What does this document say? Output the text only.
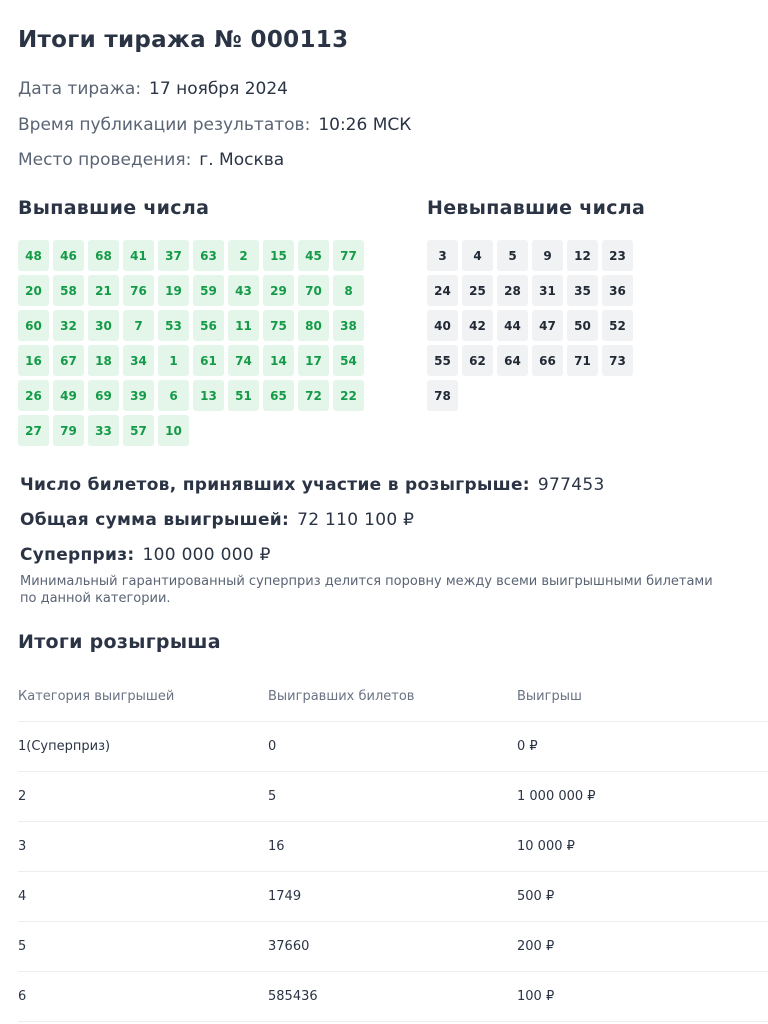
Итоги тиража № 000113
Дата тиража: 17 ноября 2024
Время публикации результатов: 10:26 МСК
Место проведения: г. Москва
Выпавшие числа	Невыпавшие числа
48	46	68	41	37	63	2	15	45	77
20	58	21	76	19	59	43	29	70	8
60	32	30	7	53	56	11	75	80	38
16	67	18	34	1	61	74	14	17	54
26	49	69	39	6	13	51	65	72	22
27	79	33	57	10
3	4	5	9	12	23
24	25	28	31	35	36
40	42	44	47	50	52
55	62	64	66	71	73
78
Число билетов, принявших участие в розыгрыше: 977453
Общая сумма выигрышей: 72 110 100 ₽
Суперприз: 100 000 000 ₽
Минимальный гарантированный суперприз делится поровну между всеми выигрышными билетами по данной категории.
Итоги розыгрыша
Категория выигрышей	Выигравших билетов	Выигрыш
1(Суперприз)	0	0 ₽
2	5	1 000 000 ₽
3	16	10 000 ₽
4	1749	500 ₽
5	37660	200 ₽
6	585436	100 ₽
